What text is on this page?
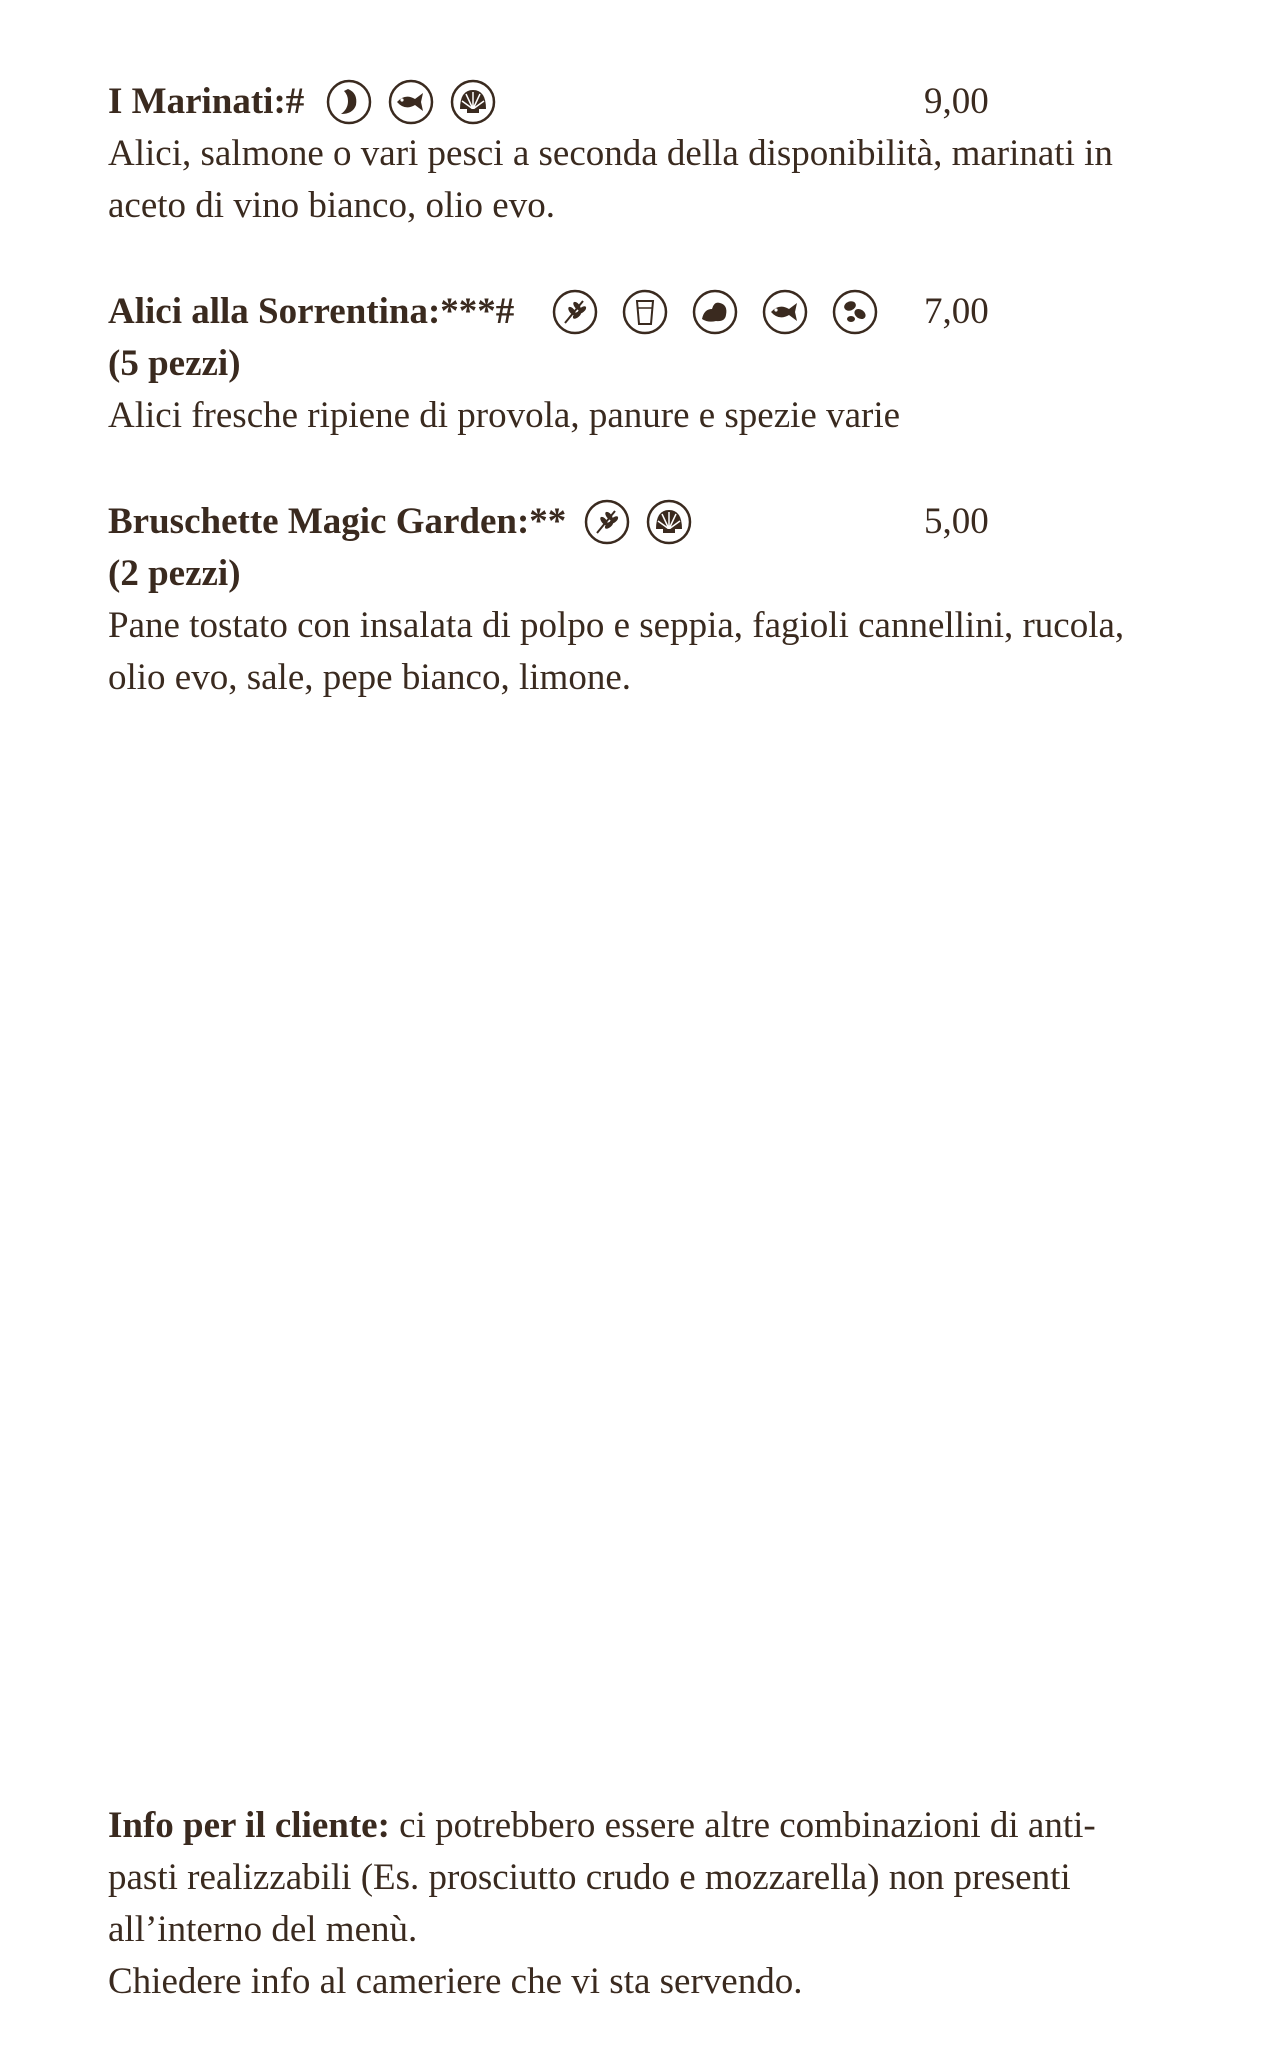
I Marinati:#	9,00

Alici, salmone o vari pesci a seconda della disponibilità, marinati in

aceto di vino bianco, olio evo.

Alici alla Sorrentina:***#	7,00
(5 pezzi)

Alici fresche ripiene di provola, panure e spezie varie

Bruschette Magic Garden:**	5,00
(2 pezzi)

Pane tostato con insalata di polpo e seppia, fagioli cannellini, rucola,

olio evo, sale, pepe bianco, limone.

Info per il cliente: ci potrebbero essere altre combinazioni di anti-
pasti realizzabili (Es. prosciutto crudo e mozzarella) non presenti
all’interno del menù.
Chiedere info al cameriere che vi sta servendo.
